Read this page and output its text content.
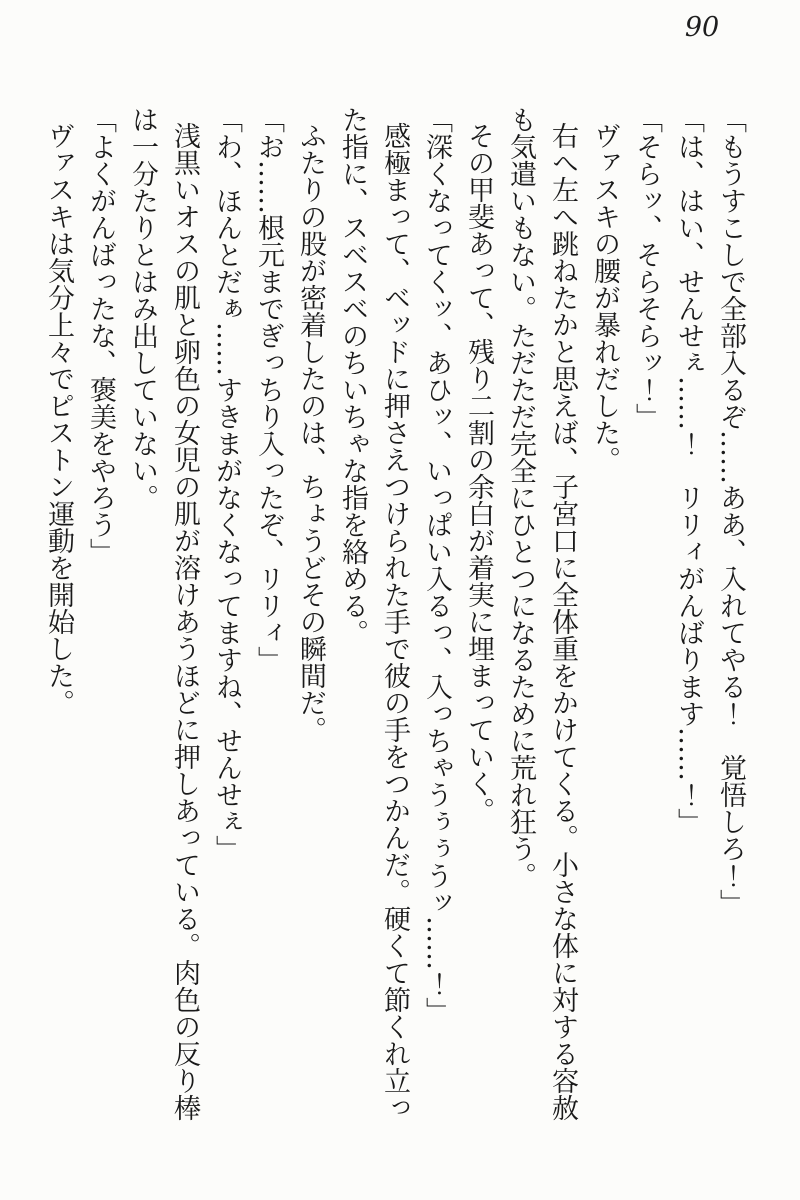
90

「もうすこしで全部入るぞ……ああ、入れてやる！　覚悟しろ！」

「は、はい、せんせぇ……！　リリィがんばります……！」

「そらッ、そらそらッ！」

ヴァスキの腰が暴れだした。

右へ左へ跳ねたかと思えば、子宮口に全体重をかけてくる。小さな体に対する容赦

も気遣いもない。ただただ完全にひとつになるために荒れ狂う。

その甲斐あって、残り二割の余白が着実に埋まっていく。

「深くなってくッ、あひッ、いっぱい入るっ、入っちゃうぅぅうッ……！」

感極まって、ベッドに押さえつけられた手で彼の手をつかんだ。硬くて節くれ立っ

た指に、スベスベのちいちゃな指を絡める。

ふたりの股が密着したのは、ちょうどその瞬間だ。

「お……根元までぎっちり入ったぞ、リリィ」

「わ、ほんとだぁ……すきまがなくなってますね、せんせぇ」

浅黒いオスの肌と卵色の女児の肌が溶けあうほどに押しあっている。肉色の反り棒

は一分たりとはみ出していない。

「よくがんばったな、褒美をやろう」

ヴァスキは気分上々でピストン運動を開始した。
